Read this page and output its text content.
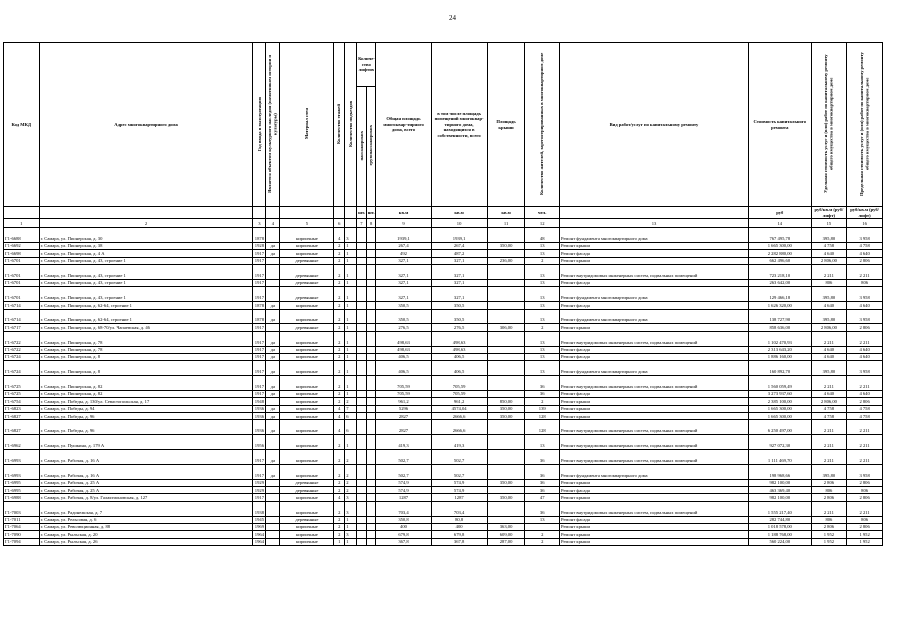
24
Код МКД	Адрес многоквартирного дома	Год ввода в эксплуатацию	Является объектом культурного наследия (памятником истории и культуры)	Материал стен	Количество этажей	Количество подъездов	Количе-ство лифтов		Общая площадь многоквар-тирного дома, всего	в том числе площадь помещений многоквар-тирного дома, находящихся в собственности, всего	Площадь крыши	Количество жителей, зарегистрированных в многоквартирном доме	Вид работ/услуг по капитальному ремонту	Стоимость капитального ремонта	Удельная стоимость услуг и (или) работ по капитальному ремонту общего имущества в многоквартирном доме	Предельная стоимость услуг и (или) работ по капитальному ремонту общего имущества в многоквартирном доме
							пассажирских	грузопассажирских								
							шт.	шт.	кв.м	кв.м	кв.м	чел.		руб	руб/кв.м (руб/лифт)	руб/кв.м (руб/лифт)
1	2	3	4	5	6		7	8	9	10	11	12	13	14	15	16
Г1-6688	г. Самара, ул. Пионерская, д. 30	1878		кирпичные	4	3			1939,1	1939,1		48	Ремонт фундамента многоквартирного дома	767 495,78	395,80	3 958
Г1-6692	г. Самара, ул. Пионерская, д. 38	1928	да	кирпичные	2	1			267,4	267,4	350,00	13	Ремонт крыши	1 665 300,00	4 758	4 758
Г1-6698	г. Самара, ул. Пионерская, д. 4 А	1917	да	кирпичные	2	1			492	487,2		13	Ремонт фасада	2 282 880,00	4 640	4 640
Г1-6701	г. Самара, ул. Пионерская, д. 43, строение 1	1917		деревянные	2	1			327,1	327,1	236,00	2	Ремонт крыши	662 496,60	2 806,00	2 806
Г1-6701	г. Самара, ул. Пионерская, д. 43, строение 1	1917		деревянные	2	1			327,1	327,1		13	Ремонт внутридомовых инженерных систем, подвальных помещений	723 218,10	2 211	2 211
Г1-6701	г. Самара, ул. Пионерская, д. 43, строение 1	1917		деревянные	2	1			327,1	327,1		13	Ремонт фасада	263 642,00	806	806
Г1-6701	г. Самара, ул. Пионерская, д. 43, строение 1	1917		деревянные	2	1			327,1	327,1		13	Ремонт фундамента многоквартирного дома	129 466,18	395,80	3 958
Г1-6714	г. Самара, ул. Пионерская, д. 62-64, строение 1	1878	да	кирпичные	2	1			350,5	350,5		13	Ремонт фасада	1 626 320,00	4 640	4 640
Г1-6714	г. Самара, ул. Пионерская, д. 62-64, строение 1	1878	да	кирпичные	2	1			350,5	350,5		13	Ремонт фундамента многоквартирного дома	138 727,90	395,80	3 958
Г1-6717	г. Самара, ул. Пионерская, д. 68-70/ул. Чапаевская, д. 46	1917		деревянные	2	1			276,5	276,5	306,00	2	Ремонт крыши	858 636,00	2 806,00	2 806
Г1-6722	г. Самара, ул. Пионерская, д. 78	1917	да	кирпичные	2	1			498,63	498,63		13	Ремонт внутридомовых инженерных систем, подвальных помещений	1 102 470,93	2 211	2 211
Г1-6722	г. Самара, ул. Пионерская, д. 78	1917	да	кирпичные	2	1			498,63	498,63		13	Ремонт фасада	2 313 643,20	4 640	4 640
Г1-6724	г. Самара, ул. Пионерская, д. 8	1917	да	кирпичные	2	1			406,5	406,5		13	Ремонт фасада	1 886 160,00	4 640	4 640
Г1-6724	г. Самара, ул. Пионерская, д. 8	1917	да	кирпичные	2	1			406,5	406,5		13	Ремонт фундамента многоквартирного дома	160 892,70	395,80	3 958
Г1-6725	г. Самара, ул. Пионерская, д. 82	1917	да	кирпичные	2	1			705,59	705,59		36	Ремонт внутридомовых инженерных систем, подвальных помещений	1 560 059,49	2 211	2 211
Г1-6725	г. Самара, ул. Пионерская, д. 82	1917	да	кирпичные	2	1			705,59	705,59		36	Ремонт фасада	3 273 937,60	4 640	4 640
Г1-6754	г. Самара, ул. Победы, д. 130/ул. Севастопольская, д. 17	1948		кирпичные	2	2			961,2	961,2	850,00	2	Ремонт крыши	2 385 100,00	2 806,00	2 806
Г1-6823	г. Самара, ул. Победы, д. 94	1936	да	кирпичные	4	7			5296	4574,04	350,00	139	Ремонт крыши	1 665 300,00	4 758	4 758
Г1-6827	г. Самара, ул. Победы, д. 96	1936	да	кирпичные	4	6			2827	2666,6	350,00	128	Ремонт крыши	1 665 300,00	4 758	4 758
Г1-6827	г. Самара, ул. Победы, д. 96	1936	да	кирпичные	4	6			2827	2666,6		128	Ремонт внутридомовых инженерных систем, подвальных помещений	6 250 497,00	2 211	2 211
Г1-6962	г. Самара, ул. Пушкина, д. 179 А	1956		кирпичные	2	1			419,3	419,3		13	Ремонт внутридомовых инженерных систем, подвальных помещений	927 072,30	2 211	2 211
Г1-6993	г. Самара, ул. Рабочая, д. 16 А	1917	да	кирпичные	2	2			502,7	502,7		36	Ремонт внутридомовых инженерных систем, подвальных помещений	1 111 469,70	2 211	2 211
Г1-6993	г. Самара, ул. Рабочая, д. 16 А	1917	да	кирпичные	2	2			502,7	502,7		36	Ремонт фундамента многоквартирного дома	198 968,66	395,80	3 958
Г1-6995	г. Самара, ул. Рабочая, д. 25 А	1929		деревянные	2	2			574,9	574,9	350,00	36	Ремонт крыши	982 100,00	2 806	2 806
Г1-6995	г. Самара, ул. Рабочая, д. 25 А	1929		деревянные	2	2			574,9	574,9		36	Ремонт фасада	463 369,40	806	806
Г1-6988	г. Самара, ул. Рабочая, д. 8/ул. Галактионовская, д. 127	1917		кирпичные	4	3			1287	1287	350,00	47	Ремонт крыши	982 100,00	2 806	2 806
Г1-7003	г. Самара, ул. Радонежская, д. 7	1938		кирпичные	2	3			703,4	703,4		36	Ремонт внутридомовых инженерных систем, подвальных помещений	1 555 217,40	2 211	2 211
Г1-7011	г. Самара, ул. Рельсовая, д. 6	1945		деревянные	2	1			350,8	80,8		13	Ремонт фасада	282 744,80	806	806
Г1-7064	г. Самара, ул. Революционная, д. 88	1969		кирпичные	2	1			400	400	363,00		Ремонт крыши	1 018 578,00	2 806	2 806
Г1-7090	г. Самара, ул. Рыльская, д. 20	1964		кирпичные	2	3			679,8	679,8	609,00	2	Ремонт крыши	1 188 768,00	1 952	1 952
Г1-7094	г. Самара, ул. Рыльская, д. 26	1964		кирпичные	1	1			367,8	367,8	287,00	2	Ремонт крыши	560 224,00	1 952	1 952
